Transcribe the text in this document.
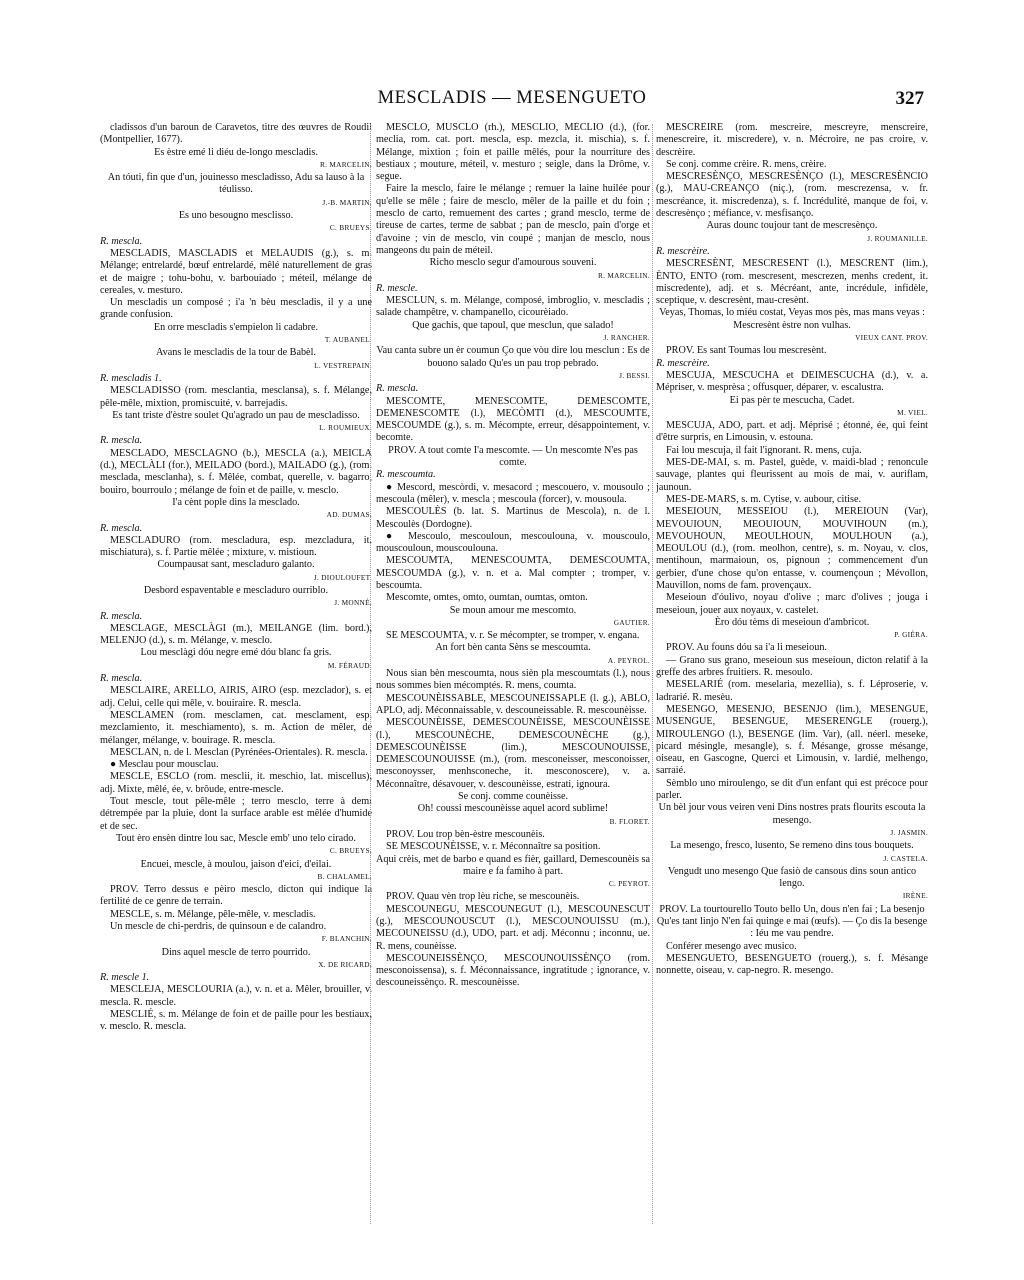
MESCLADIS — MESENGUETO	327

cladissos d'un baroun de Caravetos, titre des œuvres de Roudil (Montpellier, 1677).

Es èstre emé li diéu de-longo mescladis.

R. MARCELIN.

An tóuti, fin que d'un, jouinesso mescladisso, Adu sa lauso à la téulisso.

J.-B. MARTIN.

Es uno besougno mesclisso.

C. BRUEYS.

R. mescla.

MESCLADIS, MASCLADIS et MELAUDIS (g.), s. m. Mélange; entrelardé, bœuf entrelardé, mêlé naturellement de gras et de maigre ; tohu-bohu, v. barbouiado ; méteil, mélange de cereales, v. mesturo.

Un mescladis un composé ; i'a 'n bèu mescladis, il y a une grande confusion.

En orre mescladis s'empielon li cadabre.

T. AUBANEL.

Avans le mescladis de la tour de Babèl.

L. VESTREPAIN.

R. mescladis 1.

MESCLADISSO (rom. mesclantia, mesclansa), s. f. Mélange, pêle-mêle, mixtion, promiscuité, v. barrejadis.

Es tant triste d'èstre soulet Qu'agrado un pau de mescladisso.

L. ROUMIEUX.

R. mescla.

MESCLADO, MESCLAGNO (b.), MESCLA (a.), MEICLA (d.), MECLÀLI (for.), MEILADO (bord.), MAILADO (g.), (rom. mesclada, mesclanha), s. f. Mêlée, combat, querelle, v. bagarro, bouiro, bourroulo ; mélange de foin et de paille, v. mesclo.

I'a cènt pople dins la mesclado.

AD. DUMAS.

R. mescla.

MESCLADURO (rom. mescladura, esp. mezcladura, it. mischiatura), s. f. Partie mêlée ; mixture, v. mistioun.

Coumpausat sant, mescladuro galanto.

J. DIOULOUFET.

Desbord espaventable e mescladuro ourriblo.

J. MONNÉ.

R. mescla.

MESCLAGE, MESCLÀGI (m.), MEILANGE (lim. bord.), MELENJO (d.), s. m. Mélange, v. mesclo.

Lou mesclàgi dóu negre emé dóu blanc fa gris.

M. FÉRAUD.

R. mescla.

MESCLAIRE, ARELLO, AIRIS, AIRO (esp. mezclador), s. et adj. Celui, celle qui mêle, v. bouiraire. R. mescla.

MESCLAMEN (rom. mesclamen, cat. mesclament, esp. mezclamiento, it. meschiamento), s. m. Action de mêler, de mélanger, mélange, v. bouirage. R. mescla.

MESCLAN, n. de l. Mesclan (Pyrénées-Orientales). R. mescla.

● Mesclau pour mousclau.

MESCLE, ESCLO (rom. mesclii, it. meschio, lat. miscellus), adj. Mixte, mêlé, ée, v. brôude, entre-mescle.

Tout mescle, tout pêle-mêle ; terro mesclo, terre à demi détrempée par la pluie, dont la surface arable est mêlée d'humide et de sec.

Tout èro ensèn dintre lou sac, Mescle emb' uno telo cirado.

C. BRUEYS.

Encuei, mescle, à moulou, jaison d'eici, d'eilai.

B. CHALAMEL.

PROV. Terro dessus e pèiro mesclo, dicton qui indique la fertilité de ce genre de terrain.

MESCLE, s. m. Mélange, pêle-mêle, v. mescladis.

Un mescle de chi-perdris, de quinsoun e de calandro.

F. BLANCHIN.

Dins aquel mescle de terro pourrido.

X. DE RICARD.

R. mescle 1.

MESCLEJA, MESCLOURIA (a.), v. n. et a. Mêler, brouiller, v. mescla. R. mescle.

MESCLIÉ, s. m. Mélange de foin et de paille pour les bestiaux, v. mesclo. R. mescla.

MESCLO, MUSCLO (rh.), MESCLIO, MÉCLIO (d.), (for. meclia, rom. cat. port. mescla, esp. mezcla, it. mischia), s. f. Mélange, mixtion ; foin et paille mêlés, pour la nourriture des bestiaux ; mouture, méteil, v. mesturo ; seigle, dans la Drôme, v. segue.

Faire la mesclo, faire le mélange ; remuer la laine huilée pour qu'elle se mêle ; faire de mesclo, mêler de la paille et du foin ; mesclo de carto, remuement des cartes ; grand mesclo, terme de tireuse de cartes, terme de sabbat ; pan de mesclo, pain d'orge et d'avoine ; vin de mesclo, vin coupé ; manjan de mesclo, nous mangeons du pain de méteil.

Richo mesclo segur d'amourous souveni.

R. MARCELIN.

R. mescle.

MESCLUN, s. m. Mélange, composé, imbroglio, v. mescladis ; salade champêtre, v. champanello, cicourèiado.

Que gachis, que tapoul, que mesclun, que salado!

J. RANCHER.

Vau canta subre un èr coumun Ço que vòu dire lou mesclun : Es de bouono salado Qu'es un pau trop pebrado.

J. BESSI.

R. mescla.

MESCOMTE, MENESCOMTE, DEMESCOMTE, DEMENESCOMTE (l.), MECÒMTI (d.), MESCOUMTE, MESCOUMDE (g.), s. m. Mécompte, erreur, désappointement, v. becomte.

PROV. A tout comte I'a mescomte. — Un mescomte N'es pas comte.

R. mescoumta.

● Mescord, mescòrdi, v. mesacord ; mescouero, v. mousoulo ; mescoula (mêler), v. mescla ; mescoula (forcer), v. mousoula.

MESCOULÈS (b. lat. S. Martinus de Mescola), n. de l. Mescoulès (Dordogne).

● Mescoulo, mescouloun, mescoulouna, v. mouscoulo, mouscouloun, mouscoulouna.

MESCOUMTA, MENESCOUMTA, DEMESCOUMTA, MESCOUMDA (g.), v. n. et a. Mal compter ; tromper, v. bescoumta.

Mescomte, omtes, omto, oumtan, oumtas, omton.

Se moun amour me mescomto.

GAUTIER.

SE MESCOUMTA, v. r. Se mécompter, se tromper, v. engana.

An fort bèn canta Sèns se mescoumta.

A. PEYROL.

Nous sian bèn mescoumta, nous sièn pla mescoumtats (l.), nous nous sommes bien mécomptés. R. mens, coumta.

MESCOUNÈISSABLE, MESCOUNEISSAPLE (l. g.), ABLO, APLO, adj. Méconnaissable, v. descouneissable. R. mescounèisse.

MESCOUNÈISSE, DEMESCOUNÈISSE, MESCOUNÈISSE (l.), MESCOUNÈCHE, DEMESCOUNÈCHE (g.), DEMESCOUNÈISSE (lim.), MESCOUNOUISSE, DEMESCOUNOUISSE (m.), (rom. mesconeisser, mesconoisser, mesconoysser, menhsconeche, it. mesconoscere), v. a. Méconnaître, désavouer, v. descounèisse, estrati, ignoura.

Se conj. comme counèisse.

Oh! coussi mescounèisse aquel acord sublime!

B. FLORET.

PROV. Lou trop bèn-èstre mescounèis.

SE MESCOUNÈISSE, v. r. Méconnaître sa position.

Aqui crèis, met de barbo e quand es fièr, gaillard, Demescounèis sa maire e fa famiho à part.

C. PEYROT.

PROV. Quau vèn trop lèu riche, se mescounèis.

MESCOUNEGU, MESCOUNEGUT (l.), MESCOUNESCUT (g.), MESCOUNOUSCUT (l.), MESCOUNOUISSU (m.), MECOUNEISSU (d.), UDO, part. et adj. Méconnu ; inconnu, ue. R. mens, counèisse.

MESCOUNEISSÈNÇO, MESCOUNOUISSÈNÇO (rom. mesconoissensa), s. f. Méconnaissance, ingratitude ; ignorance, v. descouneissènço. R. mescounèisse.

MESCRÈIRE (rom. mescreire, mescreyre, menscreire, menescreire, it. miscredere), v. n. Mécroire, ne pas croire, v. descrèire.

Se conj. comme crèire. R. mens, crèire.

MESCRESÈNÇO, MESCRESÈNÇO (l.), MESCRESÈNCIO (g.), MAU-CREANÇO (niç.), (rom. mescrezensa, v. fr. mescréance, it. miscredenza), s. f. Incrédulité, manque de foi, v. descresènço ; méfiance, v. mesfisanço.

Auras dounc toujour tant de mescresènço.

J. ROUMANILLE.

R. mescrèire.

MESCRESÈNT, MESCRESENT (l.), MESCRENT (lim.), ÈNTO, ENTO (rom. mescresent, mescrezen, menhs credent, it. miscredente), adj. et s. Mécréant, ante, incrédule, infidèle, sceptique, v. descresènt, mau-cresènt.

Veyas, Thomas, lo miéu costat, Veyas mos pès, mas mans veyas : Mescresènt èstre non vulhas.

VIEUX CANT. PROV.

PROV. Es sant Toumas lou mescresènt.

R. mescrèire.

MESCUJA, MESCUCHA et DEIMESCUCHA (d.), v. a. Mépriser, v. mesprèsa ; offusquer, déparer, v. escalustra.

Ei pas pèr te mescucha, Cadet.

M. VIEL.

MESCUJA, ADO, part. et adj. Méprisé ; étonné, ée, qui feint d'être surpris, en Limousin, v. estouna.

Fai lou mescuja, il fait l'ignorant. R. mens, cuja.

MES-DE-MAI, s. m. Pastel, guède, v. maidi-blad ; renoncule sauvage, plantes qui fleurissent au mois de mai, v. auriflam, jaunoun.

MES-DE-MARS, s. m. Cytise, v. aubour, citise.

MESEIOUN, MESSEIOU (l.), MEREIOUN (Var), MEVOUIOUN, MEOUIOUN, MOUVIHOUN (m.), MEVOUHOUN, MEOULHOUN, MOULHOUN (a.), MEOULOU (d.), (rom. meolhon, centre), s. m. Noyau, v. clos, mentihoun, marmaioun, os, pignoun ; commencement d'un gerbier, d'une chose qu'on entasse, v. coumençoun ; Mévollon, Mauvillon, noms de fam. provençaux.

Meseioun d'óulivo, noyau d'olive ; marc d'olives ; jouga i meseioun, jouer aux noyaux, v. castelet.

Èro dóu tèms di meseioun d'ambricot.

P. GIÉRA.

PROV. Au founs dóu sa i'a li meseioun.

— Grano sus grano, meseioun sus meseioun, dicton relatif à la greffe des arbres fruitiers. R. mesoulo.

MESELARIÉ (rom. meselaria, mezellia), s. f. Léproserie, v. ladrarié. R. mesèu.

MESENGO, MESENJO, BESENJO (lim.), MESENGUE, MUSENGUE, BESENGUE, MESERENGLE (rouerg.), MIROULENGO (l.), BESENGE (lim. Var), (all. néerl. meseke, picard mésingle, mesangle), s. f. Mésange, grosse mésange, oiseau, en Gascogne, Querci et Limousin, v. lardié, melhengo, sarraié.

Sèmblo uno miroulengo, se dit d'un enfant qui est précoce pour parler.

Un bèl jour vous veiren veni Dins nostres prats flourits escouta la mesengo.

J. JASMIN.

La mesengo, fresco, lusento, Se remeno dins tous bouquets.

J. CASTELA.

Vengudt uno mesengo Que fasiò de cansous dins soun antico lengo.

IRÈNE.

PROV. La tourtourello Touto bello Un, dous n'en fai ; La besenjo Qu'es tant linjo N'en fai quinge e mai (œufs). — Ço dis la besenge : Iéu me vau pendre.

Conférer mesengo avec musico.

MESENGUETO, BESENGUETO (rouerg.), s. f. Mésange nonnette, oiseau, v. cap-negro. R. mesengo.
